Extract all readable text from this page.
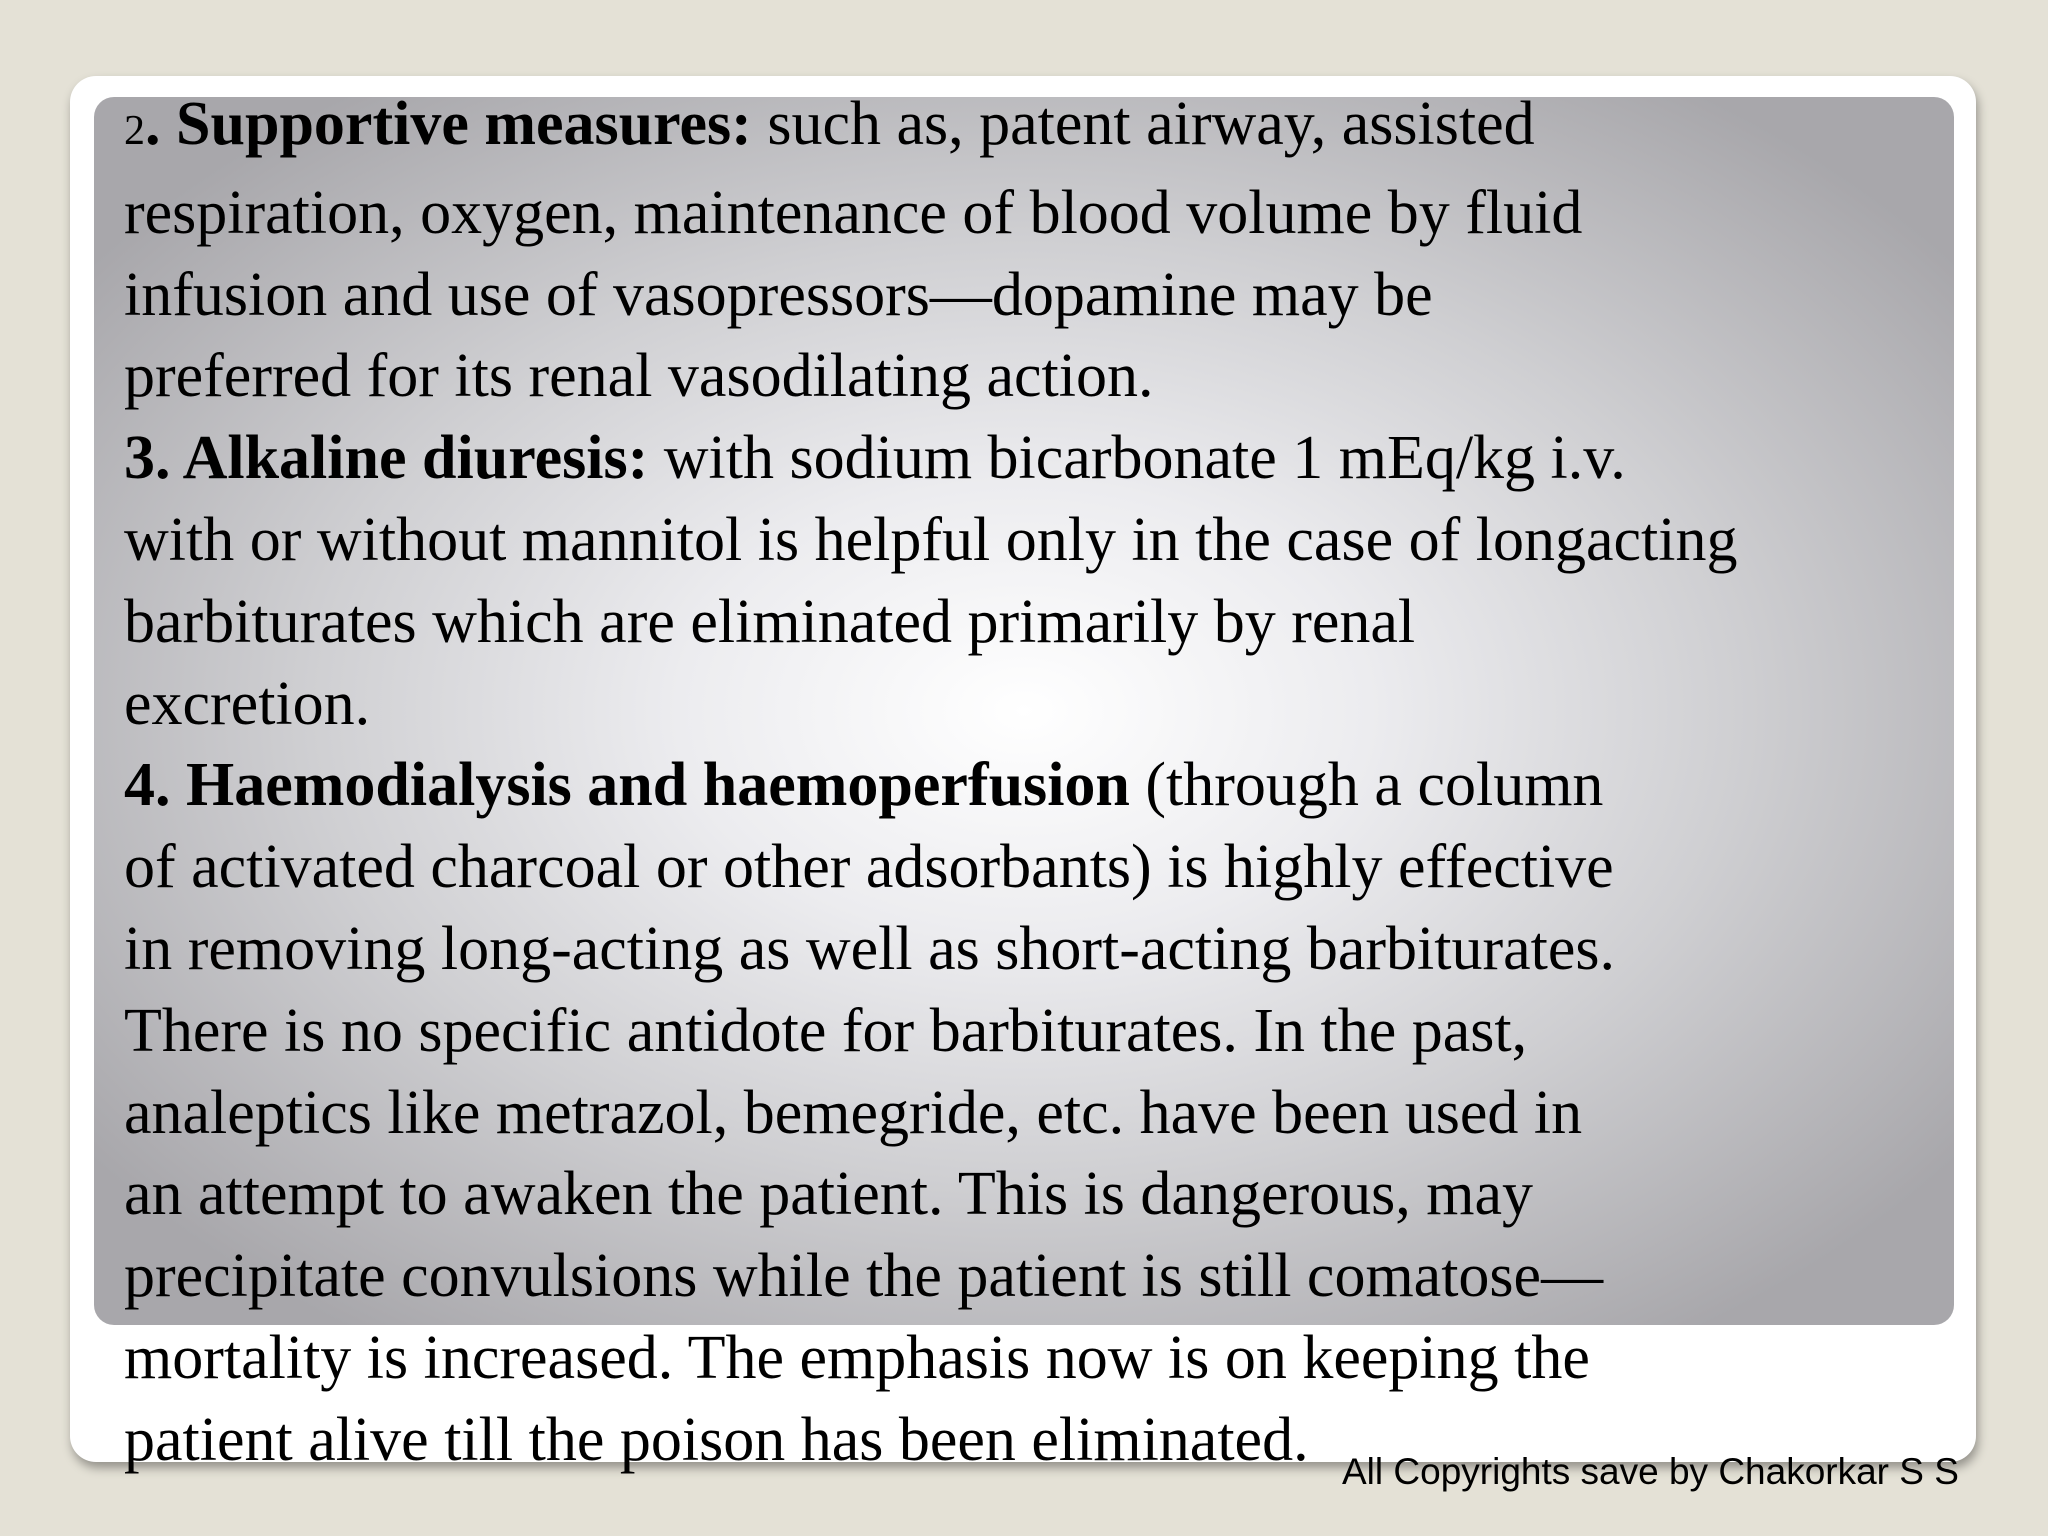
2. Supportive measures: such as, patent airway, assisted
respiration, oxygen, maintenance of blood volume by fluid
infusion and use of vasopressors—dopamine may be
preferred for its renal vasodilating action.
3. Alkaline diuresis: with sodium bicarbonate 1 mEq/kg i.v.
with or without mannitol is helpful only in the case of longacting
barbiturates which are eliminated primarily by renal
excretion.
4. Haemodialysis and haemoperfusion (through a column
of activated charcoal or other adsorbants) is highly effective
in removing long-acting as well as short-acting barbiturates.
There is no specific antidote for barbiturates. In the past,
analeptics like metrazol, bemegride, etc. have been used in
an attempt to awaken the patient. This is dangerous, may
precipitate convulsions while the patient is still comatose—
mortality is increased. The emphasis now is on keeping the
patient alive till the poison has been eliminated. All Copyrights save by Chakorkar S S
